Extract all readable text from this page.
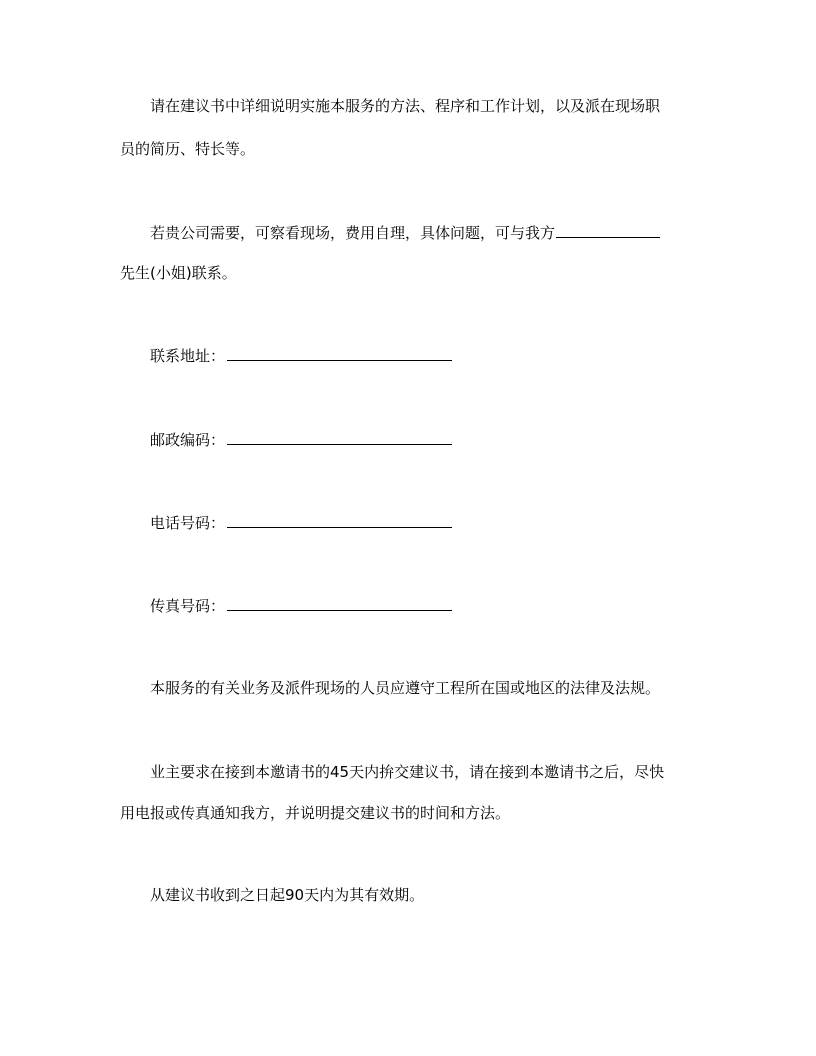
请在建议书中详细说明实施本服务的方法、程序和工作计划，以及派在现场职
员的简历、特长等。
若贵公司需要，可察看现场，费用自理，具体问题，可与我方
先生(小姐)联系。
联系地址：
邮政编码：
电话号码：
传真号码：
本服务的有关业务及派件现场的人员应遵守工程所在国或地区的法律及法规。
业主要求在接到本邀请书的45天内拚交建议书，请在接到本邀请书之后，尽快
用电报或传真通知我方，并说明提交建议书的时间和方法。
从建议书收到之日起90天内为其有效期。
